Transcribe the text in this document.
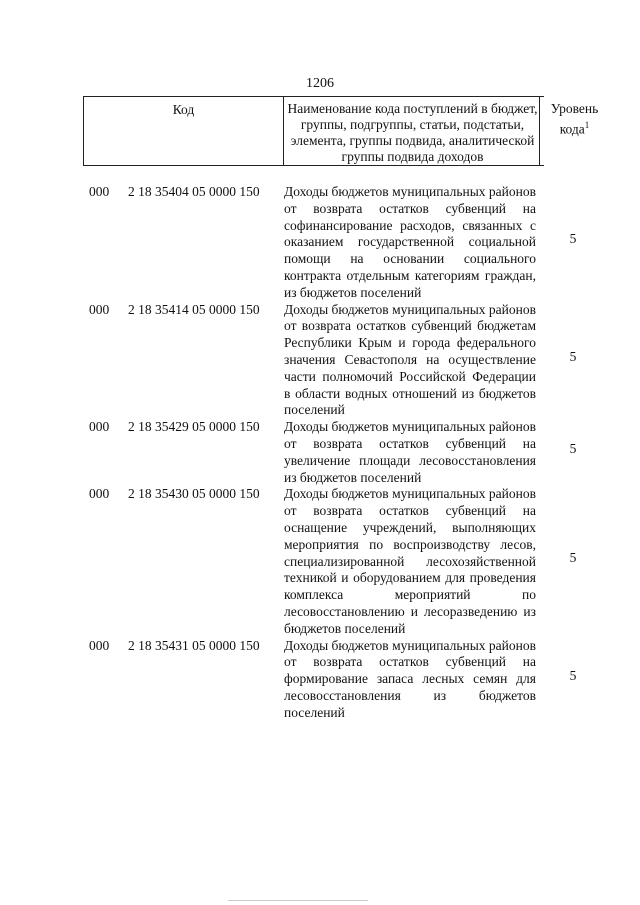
1206
Код	Наименование кода поступлений в бюджет, группы, подгруппы, статьи, подстатьи, элемента, группы подвида, аналитической группы подвида доходов
Уровень кода$^1$
000 2 18 35404 05 0000 150 Доходы бюджетов муниципальных районов от возврата остатков субвенций на софинансирование расходов, связанных с оказанием государственной социальной помощи на основании социального контракта отдельным категориям граждан, из бюджетов поселений
5
000 2 18 35414 05 0000 150 Доходы бюджетов муниципальных районов от возврата остатков субвенций бюджетам Республики Крым и города федерального значения Севастополя на осуществление части полномочий Российской Федерации в области водных отношений из бюджетов поселений
5
000 2 18 35429 05 0000 150 Доходы бюджетов муниципальных районов от возврата остатков субвенций на увеличение площади лесовосстановления из бюджетов поселений
5
000 2 18 35430 05 0000 150 Доходы бюджетов муниципальных районов от возврата остатков субвенций на оснащение учреждений, выполняющих мероприятия по воспроизводству лесов, специализированной лесохозяйственной техникой и оборудованием для проведения комплекса мероприятий по лесовосстановлению и лесоразведению из бюджетов поселений
5
000 2 18 35431 05 0000 150 Доходы бюджетов муниципальных районов от возврата остатков субвенций на формирование запаса лесных семян для лесовосстановления из бюджетов поселений
5
